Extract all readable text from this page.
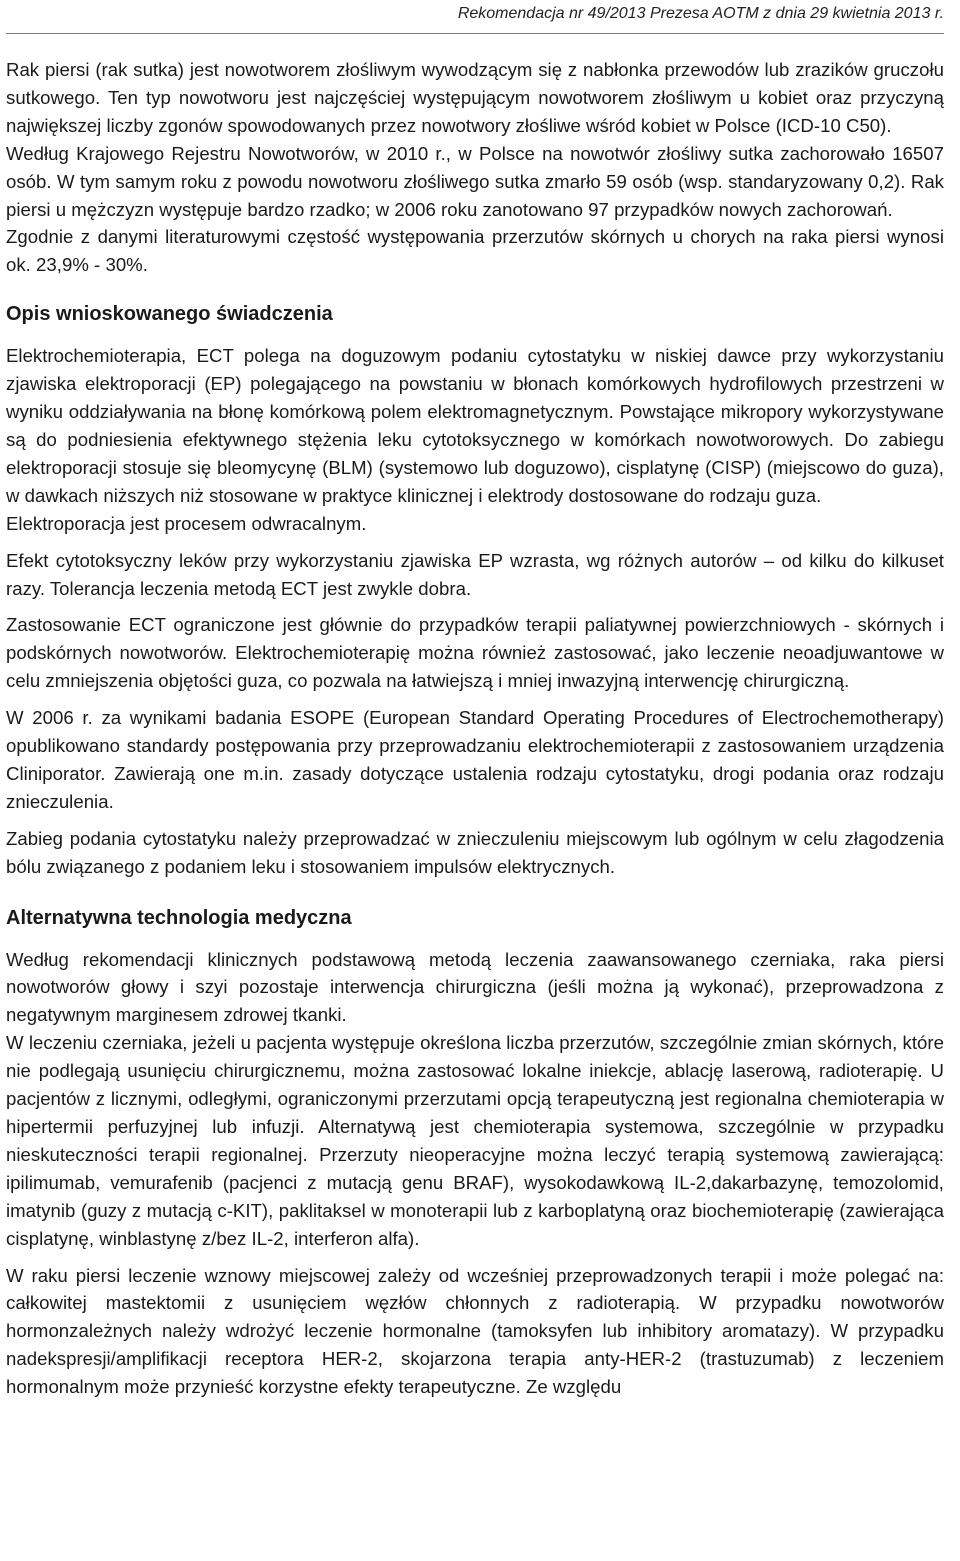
Rekomendacja nr 49/2013 Prezesa AOTM z dnia 29 kwietnia 2013 r.

Rak piersi (rak sutka) jest nowotworem złośliwym wywodzącym się z nabłonka przewodów lub zrazików gruczołu sutkowego. Ten typ nowotworu jest najczęściej występującym nowotworem złośliwym u kobiet oraz przyczyną największej liczby zgonów spowodowanych przez nowotwory złośliwe wśród kobiet w Polsce (ICD-10 C50).

Według Krajowego Rejestru Nowotworów, w 2010 r., w Polsce na nowotwór złośliwy sutka zachorowało 16507 osób. W tym samym roku z powodu nowotworu złośliwego sutka zmarło 59 osób (wsp. standaryzowany 0,2). Rak piersi u mężczyzn występuje bardzo rzadko; w 2006 roku zanotowano 97 przypadków nowych zachorowań.

Zgodnie z danymi literaturowymi częstość występowania przerzutów skórnych u chorych na raka piersi wynosi ok. 23,9% - 30%.

Opis wnioskowanego świadczenia

Elektrochemioterapia, ECT polega na doguzowym podaniu cytostatyku w niskiej dawce przy wykorzystaniu zjawiska elektroporacji (EP) polegającego na powstaniu w błonach komórkowych hydrofilowych przestrzeni w wyniku oddziaływania na błonę komórkową polem elektromagnetycznym. Powstające mikropory wykorzystywane są do podniesienia efektywnego stężenia leku cytotoksycznego w komórkach nowotworowych. Do zabiegu elektroporacji stosuje się bleomycynę (BLM) (systemowo lub doguzowo), cisplatynę (CISP) (miejscowo do guza), w dawkach niższych niż stosowane w praktyce klinicznej i elektrody dostosowane do rodzaju guza.

Elektroporacja jest procesem odwracalnym.

Efekt cytotoksyczny leków przy wykorzystaniu zjawiska EP wzrasta, wg różnych autorów – od kilku do kilkuset razy. Tolerancja leczenia metodą ECT jest zwykle dobra.

Zastosowanie ECT ograniczone jest głównie do przypadków terapii paliatywnej powierzchniowych - skórnych i podskórnych nowotworów. Elektrochemioterapię można również zastosować, jako leczenie neoadjuwantowe w celu zmniejszenia objętości guza, co pozwala na łatwiejszą i mniej inwazyjną interwencję chirurgiczną.

W 2006 r. za wynikami badania ESOPE (European Standard Operating Procedures of Electrochemotherapy) opublikowano standardy postępowania przy przeprowadzaniu elektrochemioterapii z zastosowaniem urządzenia Cliniporator. Zawierają one m.in. zasady dotyczące ustalenia rodzaju cytostatyku, drogi podania oraz rodzaju znieczulenia.

Zabieg podania cytostatyku należy przeprowadzać w znieczuleniu miejscowym lub ogólnym w celu złagodzenia bólu związanego z podaniem leku i stosowaniem impulsów elektrycznych.

Alternatywna technologia medyczna

Według rekomendacji klinicznych podstawową metodą leczenia zaawansowanego czerniaka, raka piersi nowotworów głowy i szyi pozostaje interwencja chirurgiczna (jeśli można ją wykonać), przeprowadzona z negatywnym marginesem zdrowej tkanki.

W leczeniu czerniaka, jeżeli u pacjenta występuje określona liczba przerzutów, szczególnie zmian skórnych, które nie podlegają usunięciu chirurgicznemu, można zastosować lokalne iniekcje, ablację laserową, radioterapię. U pacjentów z licznymi, odległymi, ograniczonymi przerzutami opcją terapeutyczną jest regionalna chemioterapia w hipertermii perfuzyjnej lub infuzji. Alternatywą jest chemioterapia systemowa, szczególnie w przypadku nieskuteczności terapii regionalnej. Przerzuty nieoperacyjne można leczyć terapią systemową zawierającą: ipilimumab, vemurafenib (pacjenci z mutacją genu BRAF), wysokodawkową IL-2,dakarbazynę, temozolomid, imatynib (guzy z mutacją c-KIT), paklitaksel w monoterapii lub z karboplatyną oraz biochemioterapię (zawierająca cisplatynę, winblastynę z/bez IL-2, interferon alfa).

W raku piersi leczenie wznowy miejscowej zależy od wcześniej przeprowadzonych terapii i może polegać na: całkowitej mastektomii z usunięciem węzłów chłonnych z radioterapią. W przypadku nowotworów hormonzależnych należy wdrożyć leczenie hormonalne (tamoksyfen lub inhibitory aromatazy). W przypadku nadekspresji/amplifikacji receptora HER-2, skojarzona terapia anty-HER-2 (trastuzumab) z leczeniem hormonalnym może przynieść korzystne efekty terapeutyczne. Ze względu
